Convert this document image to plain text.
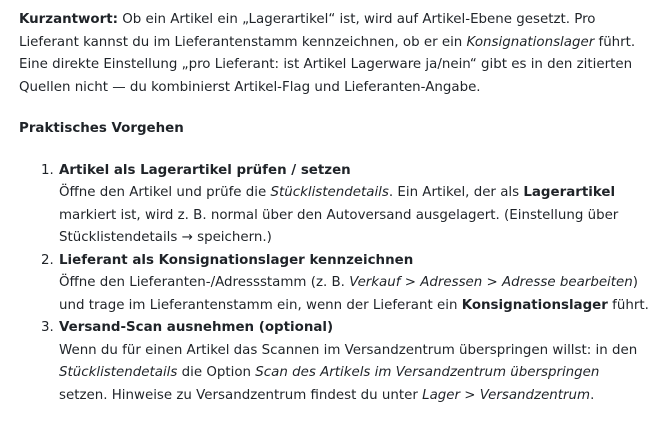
Kurzantwort: Ob ein Artikel ein „Lagerartikel“ ist, wird auf Artikel-Ebene gesetzt. Pro Lieferant kannst du im Lieferantenstamm kennzeichnen, ob er ein Konsignationslager führt. Eine direkte Einstellung „pro Lieferant: ist Artikel Lagerware ja/nein“ gibt es in den zitierten Quellen nicht — du kombinierst Artikel-Flag und Lieferanten-Angabe.

Praktisches Vorgehen

1. Artikel als Lagerartikel prüfen / setzen
Öffne den Artikel und prüfe die Stücklistendetails. Ein Artikel, der als Lagerartikel markiert ist, wird z. B. normal über den Autoversand ausgelagert. (Einstellung über Stücklistendetails → speichern.)
2. Lieferant als Konsignationslager kennzeichnen
Öffne den Lieferanten-/Adressstamm (z. B. Verkauf > Adressen > Adresse bearbeiten) und trage im Lieferantenstamm ein, wenn der Lieferant ein Konsignationslager führt.
3. Versand-Scan ausnehmen (optional)
Wenn du für einen Artikel das Scannen im Versandzentrum überspringen willst: in den Stücklistendetails die Option Scan des Artikels im Versandzentrum überspringen setzen. Hinweise zu Versandzentrum findest du unter Lager > Versandzentrum.
